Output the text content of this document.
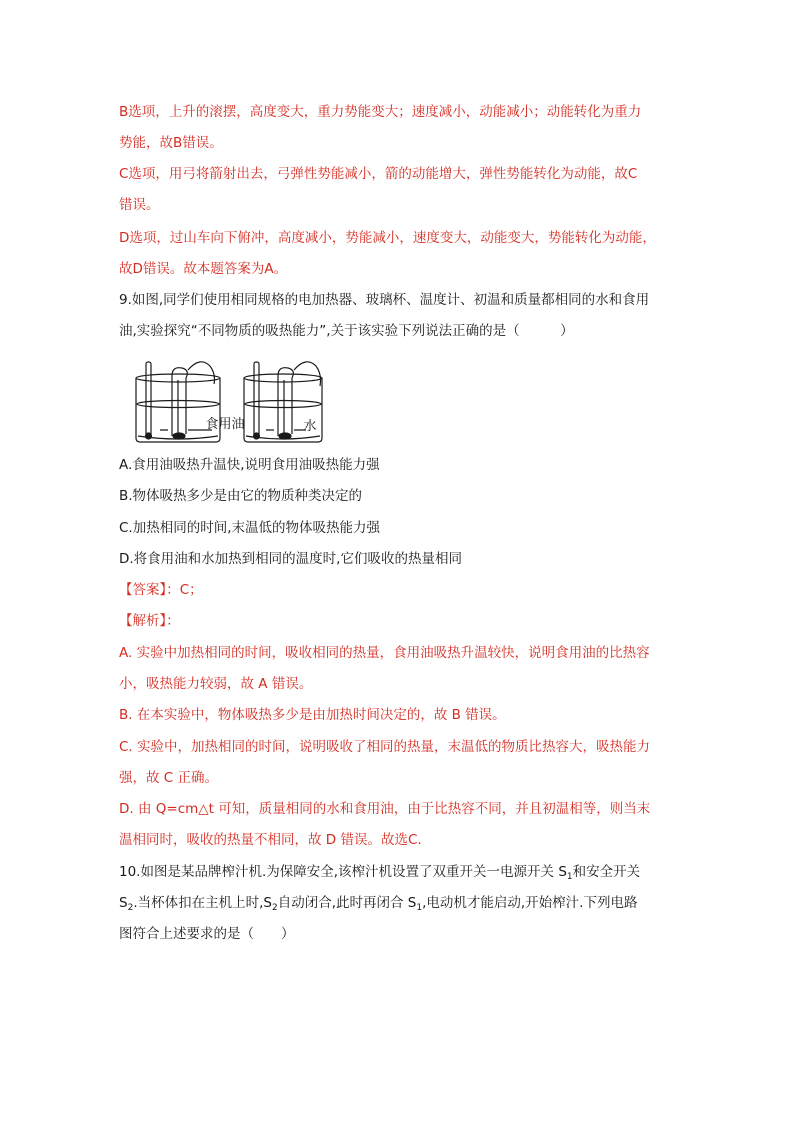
B选项，上升的滚摆，高度变大，重力势能变大；速度减小，动能减小；动能转化为重力
势能，故B错误。
C选项，用弓将箭射出去，弓弹性势能减小，箭的动能增大，弹性势能转化为动能，故C
错误。
D选项，过山车向下俯冲，高度减小，势能减小，速度变大，动能变大，势能转化为动能，
故D错误。故本题答案为A。
9.如图,同学们使用相同规格的电加热器、玻璃杯、温度计、初温和质量都相同的水和食用
油,实验探究“不同物质的吸热能力”,关于该实验下列说法正确的是（　　　）
食用油	水
A.食用油吸热升温快,说明食用油吸热能力强
B.物体吸热多少是由它的物质种类决定的
C.加热相同的时间,末温低的物体吸热能力强
D.将食用油和水加热到相同的温度时,它们吸收的热量相同
【答案】：C；
【解析】：
A. 实验中加热相同的时间，吸收相同的热量，食用油吸热升温较快，说明食用油的比热容
小，吸热能力较弱，故 A 错误。
B. 在本实验中，物体吸热多少是由加热时间决定的，故 B 错误。
C. 实验中，加热相同的时间，说明吸收了相同的热量，末温低的物质比热容大，吸热能力
强，故 C 正确。
D. 由 Q=cm△t 可知，质量相同的水和食用油，由于比热容不同，并且初温相等，则当末
温相同时，吸收的热量不相同，故 D 错误。故选C.
10.如图是某品牌榨汁机.为保障安全,该榨汁机设置了双重开关一电源开关 $S_1$和安全开关
$S_2$.当杯体扣在主机上时$,S_2$自动闭合,此时再闭合 $S_1$,电动机才能启动,开始榨汁.下列电路
图符合上述要求的是（　　）
